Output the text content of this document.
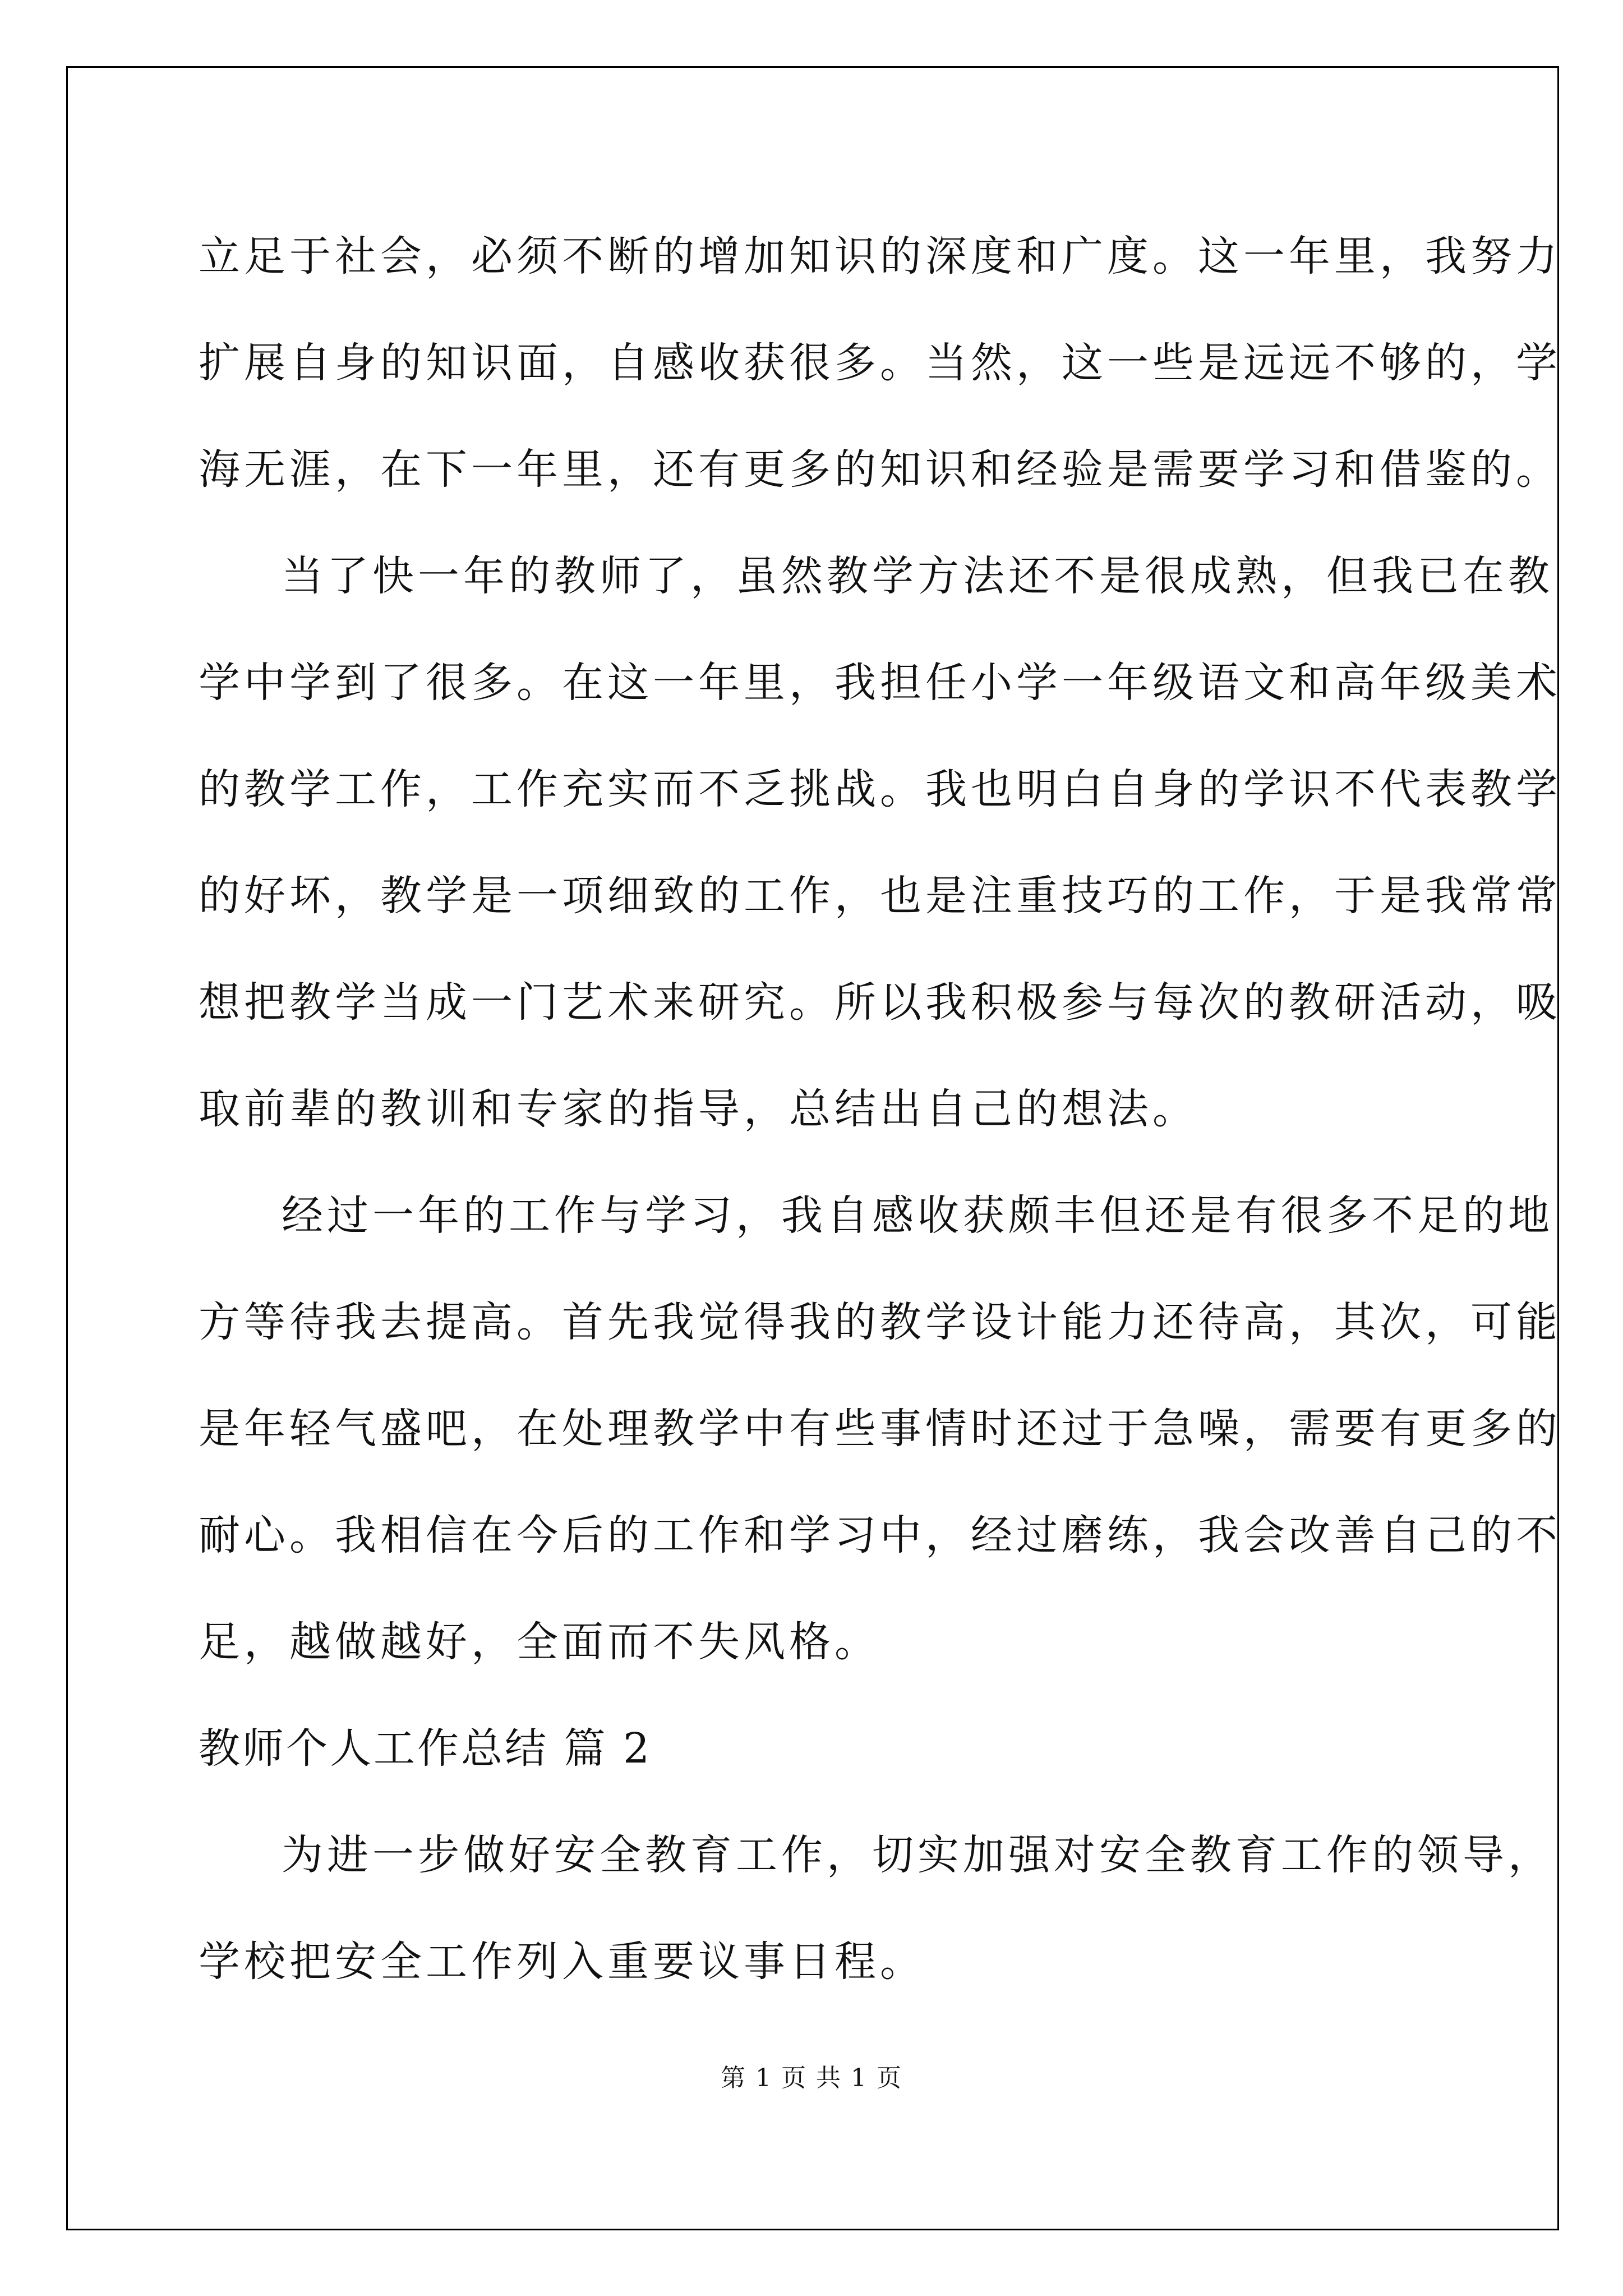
立足于社会，必须不断的增加知识的深度和广度。这一年里，我努力
扩展自身的知识面，自感收获很多。当然，这一些是远远不够的，学
海无涯，在下一年里，还有更多的知识和经验是需要学习和借鉴的。
当了快一年的教师了，虽然教学方法还不是很成熟，但我已在教
学中学到了很多。在这一年里，我担任小学一年级语文和高年级美术
的教学工作，工作充实而不乏挑战。我也明白自身的学识不代表教学
的好坏，教学是一项细致的工作，也是注重技巧的工作，于是我常常
想把教学当成一门艺术来研究。所以我积极参与每次的教研活动，吸
取前辈的教训和专家的指导，总结出自己的想法。
经过一年的工作与学习，我自感收获颇丰但还是有很多不足的地
方等待我去提高。首先我觉得我的教学设计能力还待高，其次，可能
是年轻气盛吧，在处理教学中有些事情时还过于急噪，需要有更多的
耐心。我相信在今后的工作和学习中，经过磨练，我会改善自己的不
足，越做越好，全面而不失风格。
教师个人工作总结 篇 2
为进一步做好安全教育工作，切实加强对安全教育工作的领导，
学校把安全工作列入重要议事日程。
第 1 页 共 1 页
